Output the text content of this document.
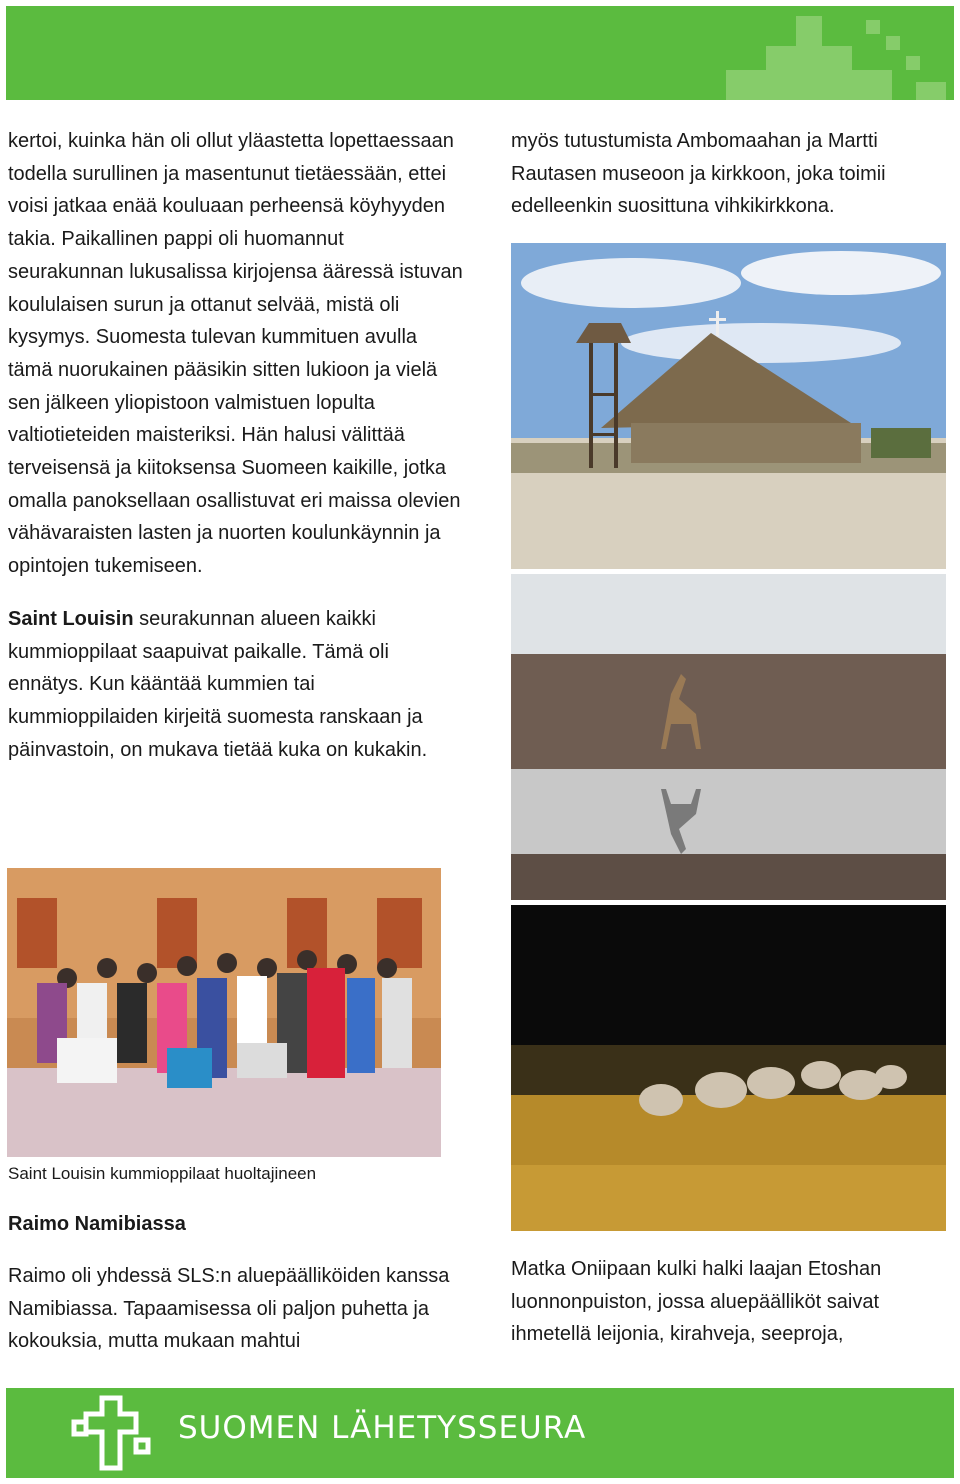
kertoi, kuinka hän oli ollut yläastetta lopettaessaan todella surullinen ja masentunut tietäessään, ettei voisi jatkaa enää kouluaan perheensä köyhyyden takia. Paikallinen pappi oli huomannut seurakunnan lukusalissa kirjojensa ääressä istuvan koululaisen surun ja ottanut selvää, mistä oli kysymys. Suomesta tulevan kummituen avulla tämä nuorukainen pääsikin sitten lukioon ja vielä sen jälkeen yliopistoon valmistuen lopulta valtiotieteiden maisteriksi. Hän halusi välittää terveisensä ja kiitoksensa Suomeen kaikille, jotka omalla panoksellaan osallistuvat eri maissa olevien vähävaraisten lasten ja nuorten koulunkäynnin ja opintojen tukemiseen.

Saint Louisin seurakunnan alueen kaikki kummioppilaat saapuivat paikalle. Tämä oli ennätys. Kun kääntää kummien tai kummioppilaiden kirjeitä suomesta ranskaan ja päinvastoin, on mukava tietää kuka on kukakin.

Saint Louisin kummioppilaat huoltajineen
Raimo Namibiassa
Raimo oli yhdessä SLS:n aluepäälliköiden kanssa Namibiassa. Tapaamisessa oli paljon puhetta ja kokouksia, mutta mukaan mahtui

myös tutustumista Ambomaahan ja Martti Rautasen museoon ja kirkkoon, joka toimii edelleenkin suosittuna vihkikirkkona.

Matka Oniipaan kulki halki laajan Etoshan luonnonpuiston, jossa aluepäälliköt saivat ihmetellä leijonia, kirahveja, seeproja,

SUOMEN LÄHETYSSEURA
